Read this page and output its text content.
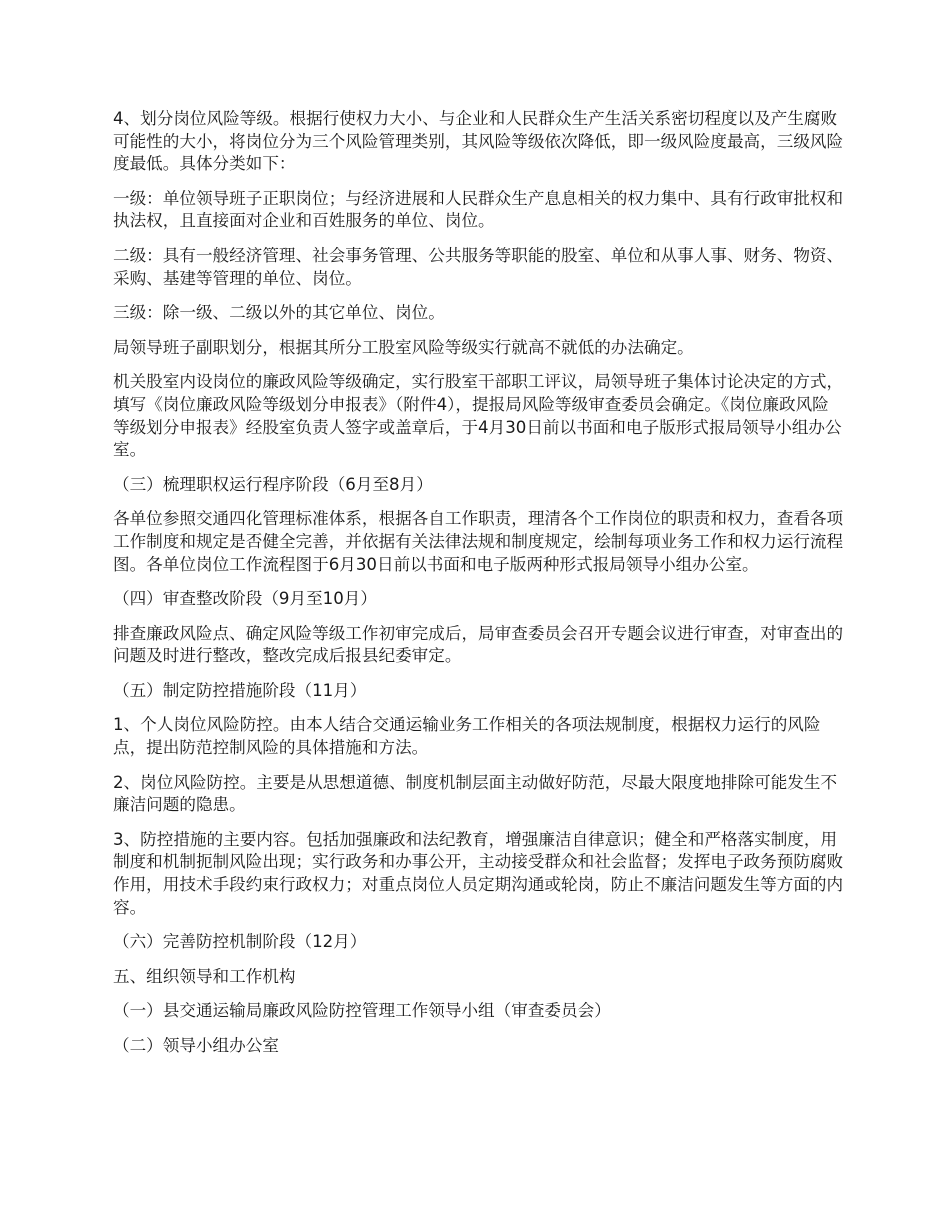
4、划分岗位风险等级。根据行使权力大小、与企业和人民群众生产生活关系密切程度以及产生腐败可能性的大小，将岗位分为三个风险管理类别，其风险等级依次降低，即一级风险度最高，三级风险度最低。具体分类如下：

一级：单位领导班子正职岗位；与经济进展和人民群众生产息息相关的权力集中、具有行政审批权和执法权，且直接面对企业和百姓服务的单位、岗位。

二级：具有一般经济管理、社会事务管理、公共服务等职能的股室、单位和从事人事、财务、物资、采购、基建等管理的单位、岗位。

三级：除一级、二级以外的其它单位、岗位。

局领导班子副职划分，根据其所分工股室风险等级实行就高不就低的办法确定。

机关股室内设岗位的廉政风险等级确定，实行股室干部职工评议，局领导班子集体讨论决定的方式，填写《岗位廉政风险等级划分申报表》（附件4），提报局风险等级审查委员会确定。《岗位廉政风险等级划分申报表》经股室负责人签字或盖章后，于4月30日前以书面和电子版形式报局领导小组办公室。

（三）梳理职权运行程序阶段（6月至8月）

各单位参照交通四化管理标准体系，根据各自工作职责，理清各个工作岗位的职责和权力，查看各项工作制度和规定是否健全完善，并依据有关法律法规和制度规定，绘制每项业务工作和权力运行流程图。各单位岗位工作流程图于6月30日前以书面和电子版两种形式报局领导小组办公室。

（四）审查整改阶段（9月至10月）

排查廉政风险点、确定风险等级工作初审完成后，局审查委员会召开专题会议进行审查，对审查出的问题及时进行整改，整改完成后报县纪委审定。

（五）制定防控措施阶段（11月）

1、个人岗位风险防控。由本人结合交通运输业务工作相关的各项法规制度，根据权力运行的风险点，提出防范控制风险的具体措施和方法。

2、岗位风险防控。主要是从思想道德、制度机制层面主动做好防范，尽最大限度地排除可能发生不廉洁问题的隐患。

3、防控措施的主要内容。包括加强廉政和法纪教育，增强廉洁自律意识；健全和严格落实制度，用制度和机制扼制风险出现；实行政务和办事公开，主动接受群众和社会监督；发挥电子政务预防腐败作用，用技术手段约束行政权力；对重点岗位人员定期沟通或轮岗，防止不廉洁问题发生等方面的内容。

（六）完善防控机制阶段（12月）

五、组织领导和工作机构

（一）县交通运输局廉政风险防控管理工作领导小组（审查委员会）

（二）领导小组办公室
